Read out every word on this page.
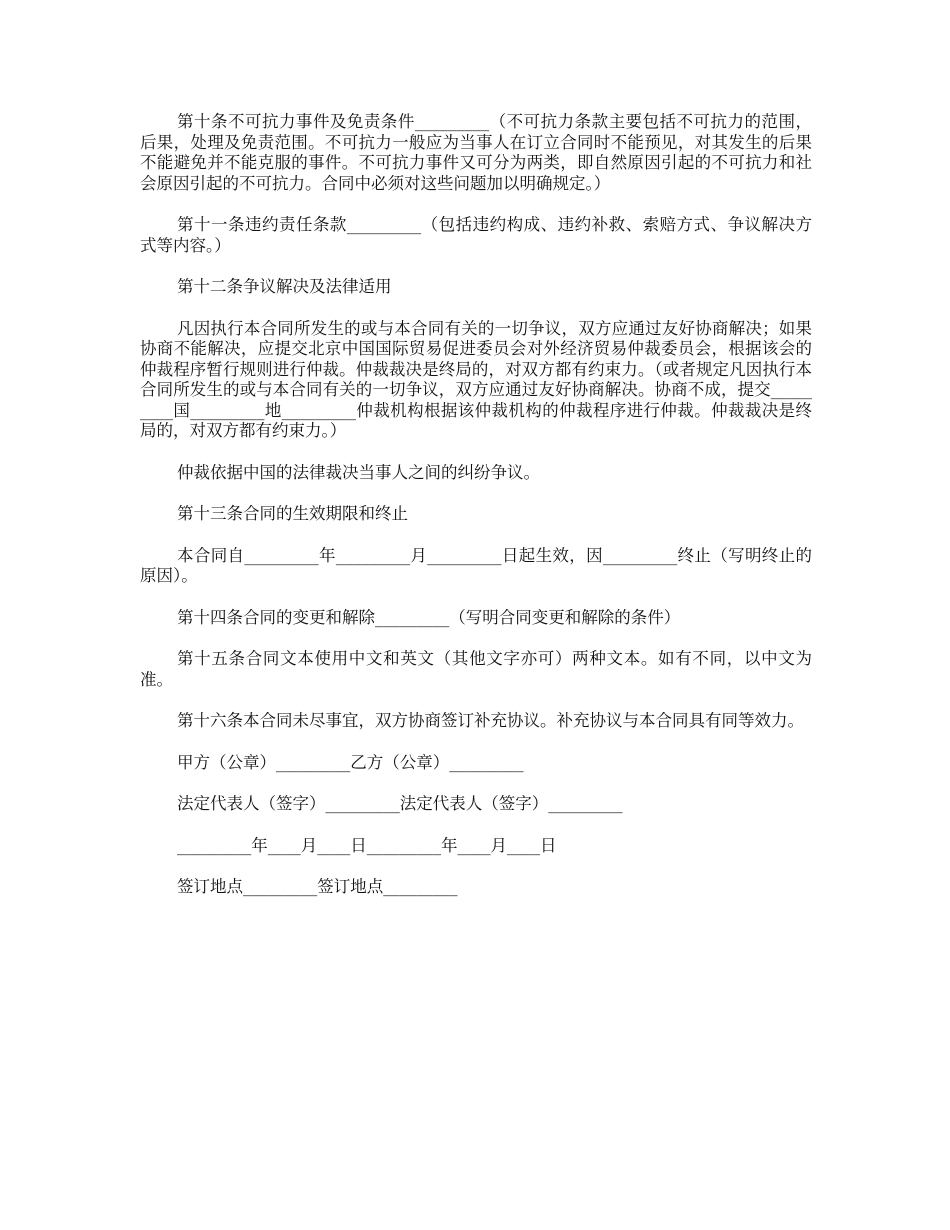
第十条不可抗力事件及免责条件_________（不可抗力条款主要包括不可抗力的范围，后果，处理及免责范围。不可抗力一般应为当事人在订立合同时不能预见，对其发生的后果不能避免并不能克服的事件。不可抗力事件又可分为两类，即自然原因引起的不可抗力和社会原因引起的不可抗力。合同中必须对这些问题加以明确规定。）

第十一条违约责任条款_________（包括违约构成、违约补救、索赔方式、争议解决方式等内容。）

第十二条争议解决及法律适用

凡因执行本合同所发生的或与本合同有关的一切争议，双方应通过友好协商解决；如果协商不能解决，应提交北京中国国际贸易促进委员会对外经济贸易仲裁委员会，根据该会的仲裁程序暂行规则进行仲裁。仲裁裁决是终局的，对双方都有约束力。（或者规定凡因执行本合同所发生的或与本合同有关的一切争议，双方应通过友好协商解决。协商不成，提交_________国_________地_________仲裁机构根据该仲裁机构的仲裁程序进行仲裁。仲裁裁决是终局的，对双方都有约束力。）

仲裁依据中国的法律裁决当事人之间的纠纷争议。

第十三条合同的生效期限和终止

本合同自_________年_________月_________日起生效，因_________终止（写明终止的原因）。

第十四条合同的变更和解除_________（写明合同变更和解除的条件）

第十五条合同文本使用中文和英文（其他文字亦可）两种文本。如有不同，以中文为准。

第十六条本合同未尽事宜，双方协商签订补充协议。补充协议与本合同具有同等效力。

甲方（公章）_________乙方（公章）_________
法定代表人（签字）_________法定代表人（签字）_________
_________年____月____日_________年____月____日
签订地点_________签订地点_________
